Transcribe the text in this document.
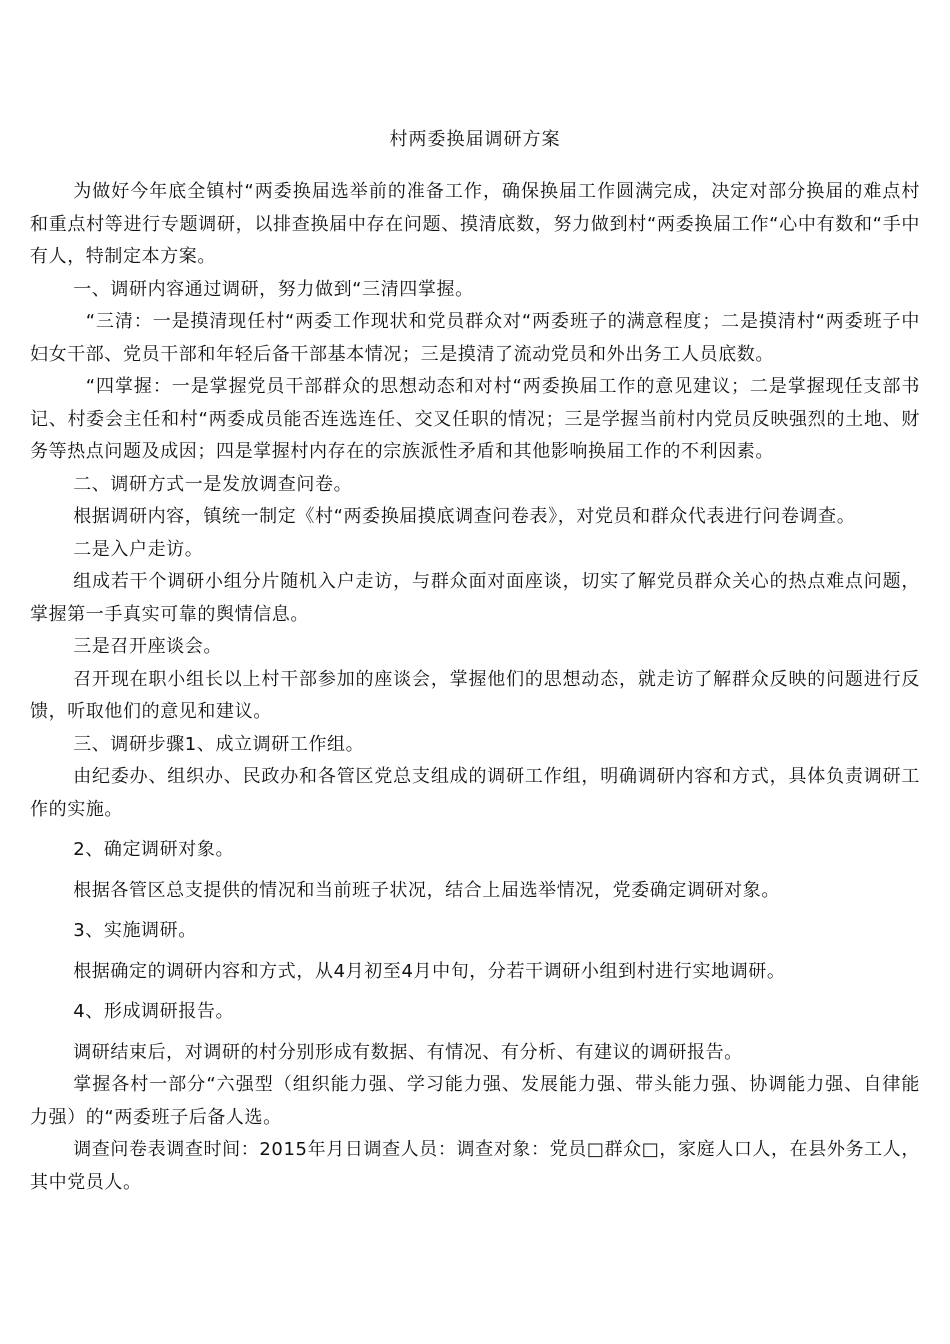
村两委换届调研方案

为做好今年底全镇村“两委换届选举前的准备工作，确保换届工作圆满完成，决定对部分换届的难点村和重点村等进行专题调研，以排查换届中存在问题、摸清底数，努力做到村“两委换届工作“心中有数和“手中有人，特制定本方案。

一、调研内容通过调研，努力做到“三清四掌握。

“三清：一是摸清现任村“两委工作现状和党员群众对“两委班子的满意程度；二是摸清村“两委班子中妇女干部、党员干部和年轻后备干部基本情况；三是摸清了流动党员和外出务工人员底数。

“四掌握：一是掌握党员干部群众的思想动态和对村“两委换届工作的意见建议；二是掌握现任支部书记、村委会主任和村“两委成员能否连选连任、交叉任职的情况；三是学握当前村内党员反映强烈的土地、财务等热点问题及成因；四是掌握村内存在的宗族派性矛盾和其他影响换届工作的不利因素。

二、调研方式一是发放调查问卷。

根据调研内容，镇统一制定《村“两委换届摸底调查问卷表》，对党员和群众代表进行问卷调查。

二是入户走访。

组成若干个调研小组分片随机入户走访，与群众面对面座谈，切实了解党员群众关心的热点难点问题，掌握第一手真实可靠的舆情信息。

三是召开座谈会。

召开现在职小组长以上村干部参加的座谈会，掌握他们的思想动态，就走访了解群众反映的问题进行反馈，听取他们的意见和建议。

三、调研步骤1、成立调研工作组。

由纪委办、组织办、民政办和各管区党总支组成的调研工作组，明确调研内容和方式，具体负责调研工作的实施。

2、确定调研对象。

根据各管区总支提供的情况和当前班子状况，结合上届选举情况，党委确定调研对象。

3、实施调研。

根据确定的调研内容和方式，从4月初至4月中旬，分若干调研小组到村进行实地调研。

4、形成调研报告。

调研结束后，对调研的村分别形成有数据、有情况、有分析、有建议的调研报告。

掌握各村一部分“六强型（组织能力强、学习能力强、发展能力强、带头能力强、协调能力强、自律能力强）的“两委班子后备人选。

调查问卷表调查时间：2015年月日调查人员：调查对象：党员□群众□，家庭人口人，在县外务工人，其中党员人。
